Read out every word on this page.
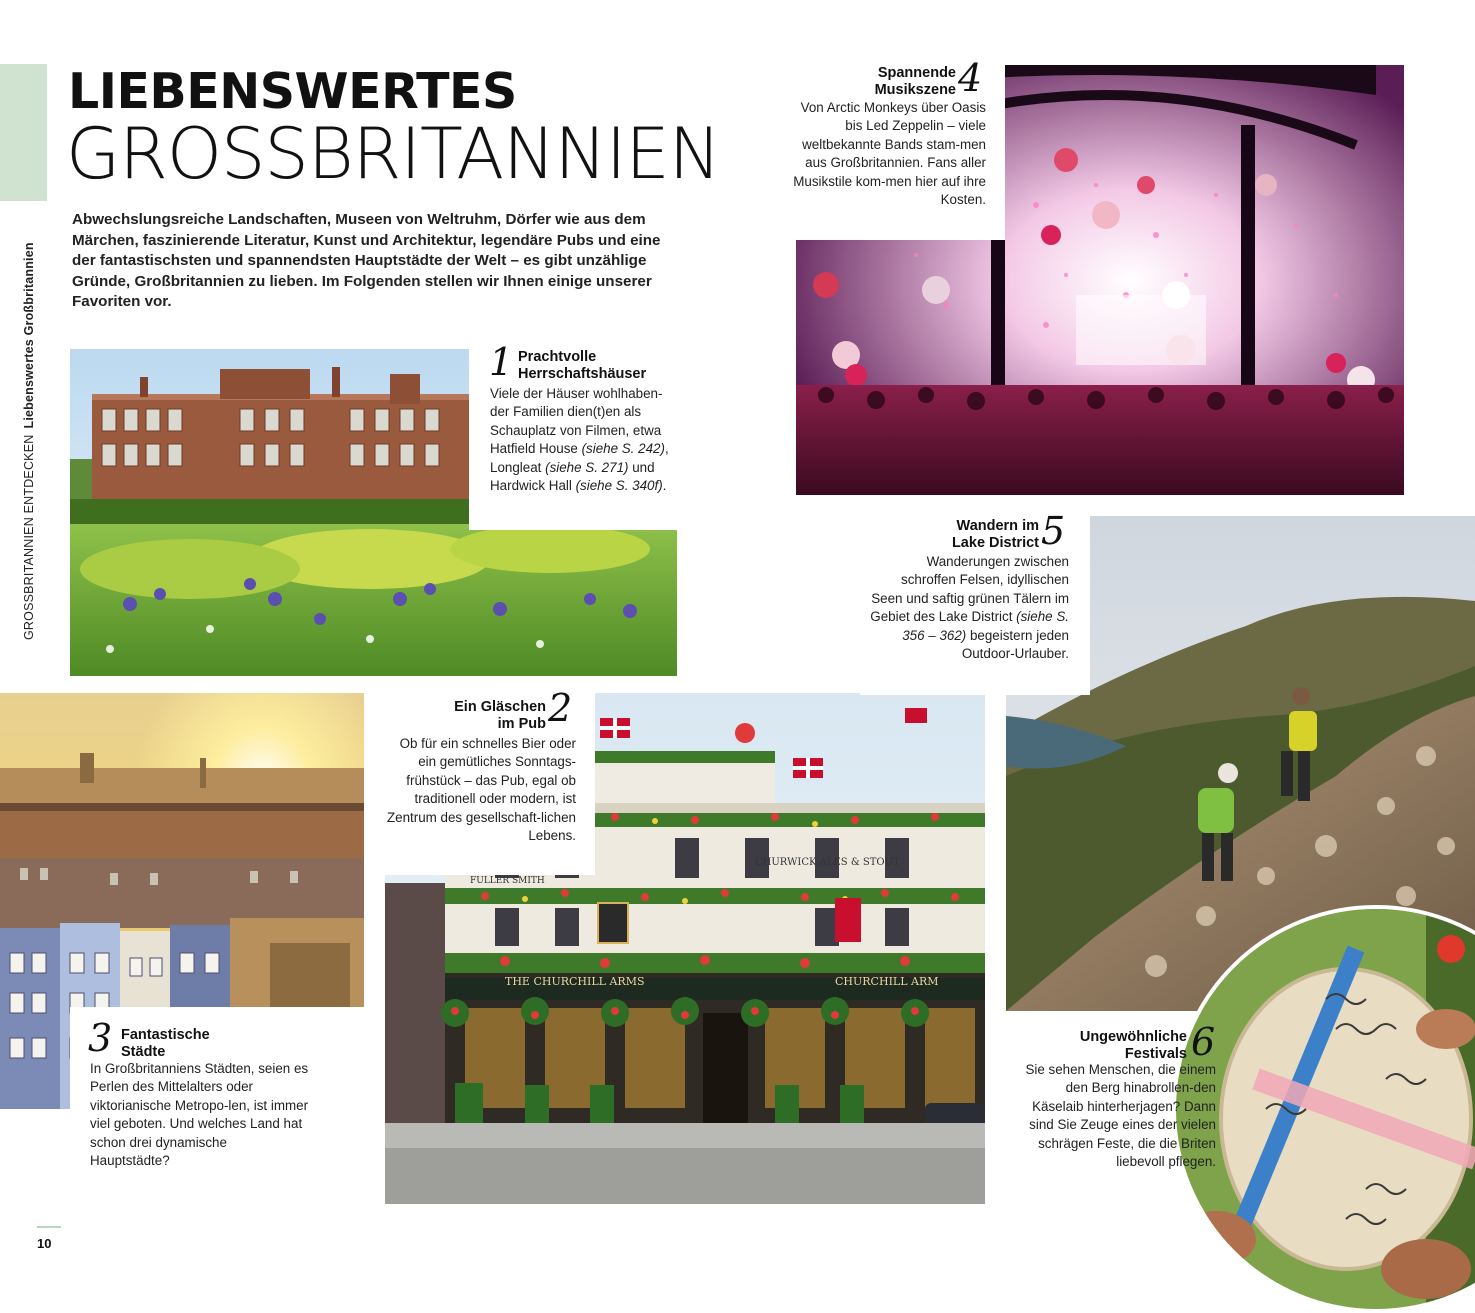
GROSSBRITANNIEN ENTDECKENLiebenswertes Großbritannien
LIEBENSWERTES
GROSSBRITANNIEN
Abwechslungsreiche Landschaften, Museen von Weltruhm, Dörfer wie aus dem Märchen, faszinierende Literatur, Kunst und Architektur, legendäre Pubs und eine der fantastischsten und spannendsten Hauptstädte der Welt – es gibt unzählige Gründe, Großbritannien zu lieben. Im Folgenden stellen wir Ihnen einige unserer Favoriten vor.
1 Prachtvolle
Herrschaftshäuser
Viele der Häuser wohlhaben-der Familien dien(t)en als Schauplatz von Filmen, etwa Hatfield House (siehe S. 242), Longleat (siehe S. 271) und Hardwick Hall (siehe S. 340f).
4
Spannende
Musikszene
Von Arctic Monkeys über Oasis bis Led Zeppelin – viele weltbekannte Bands stam-men aus Großbritannien. Fans aller Musikstile kom-men hier auf ihre Kosten.
3 Fantastische
Städte
In Großbritanniens Städten, seien es Perlen des Mittelalters oder viktorianische Metropo-len, ist immer viel geboten. Und welches Land hat schon drei dynamische Hauptstädte?
THE CHURCHILL ARMS	CHURCHILL ARM
CHURWICK ALES & STOUT
FULLER SMITH
2
Ein Gläschen
im Pub
Ob für ein schnelles Bier oder ein gemütliches Sonntags-frühstück – das Pub, egal ob traditionell oder modern, ist Zentrum des gesellschaft-lichen Lebens.
5
Wandern im
Lake District
Wanderungen zwischen schroffen Felsen, idyllischen Seen und saftig grünen Tälern im Gebiet des Lake District (siehe S. 356 – 362) begeistern jeden Outdoor-Urlauber.
6
Ungewöhnliche
Festivals
Sie sehen Menschen, die einem den Berg hinabrollen-den Käselaib hinterherjagen? Dann sind Sie Zeuge eines der vielen schrägen Feste, die die Briten liebevoll pflegen.
10
